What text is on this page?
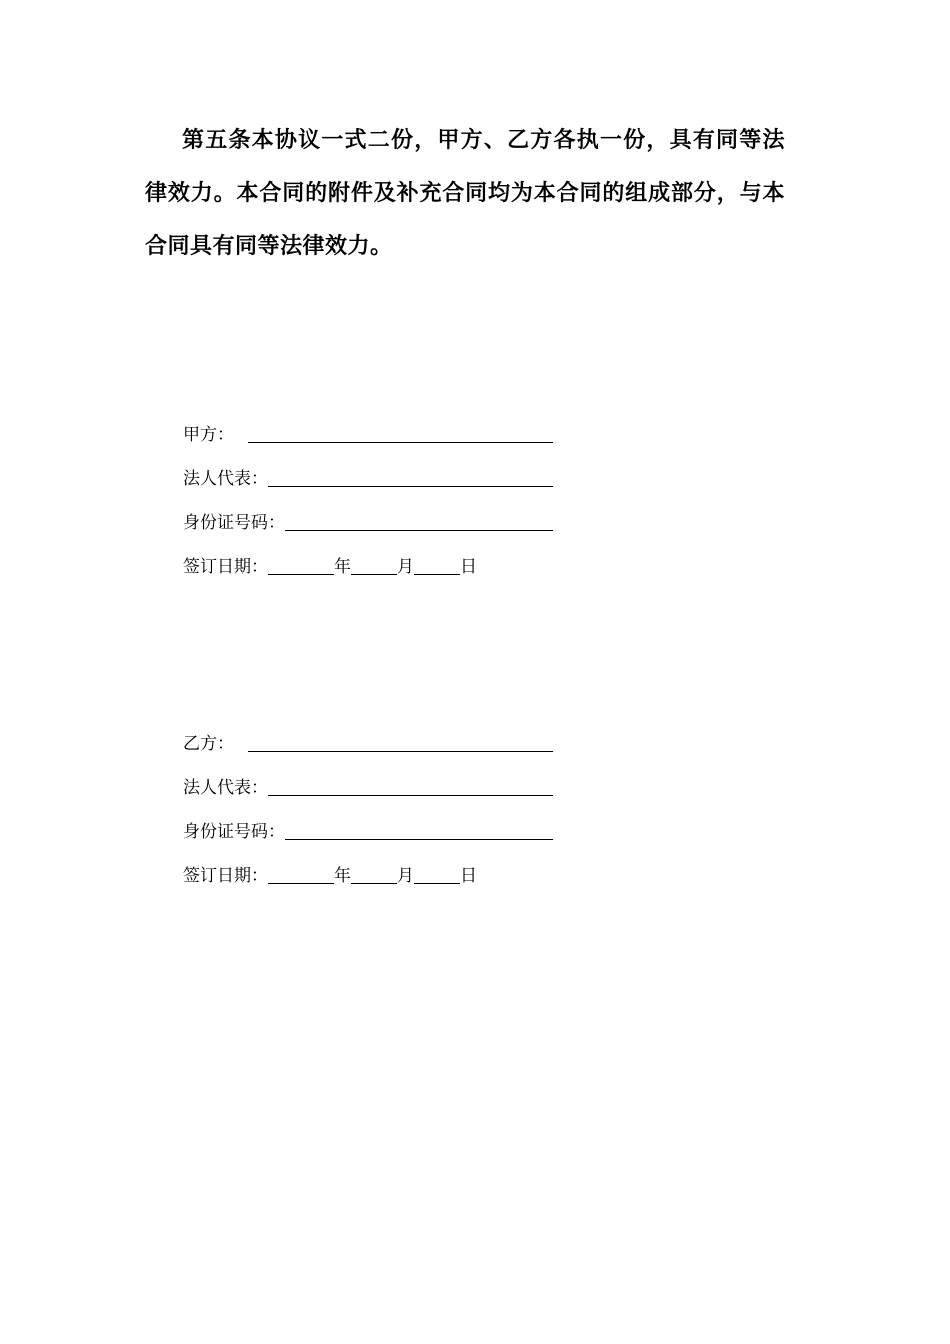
第五条本协议一式二份，甲方、乙方各执一份，具有同等法律效力。本合同的附件及补充合同均为本合同的组成部分，与本合同具有同等法律效力。

甲方：
法人代表：
身份证号码：
签订日期：	年	月	日
乙方：
法人代表：
身份证号码：
签订日期：	年	月	日
